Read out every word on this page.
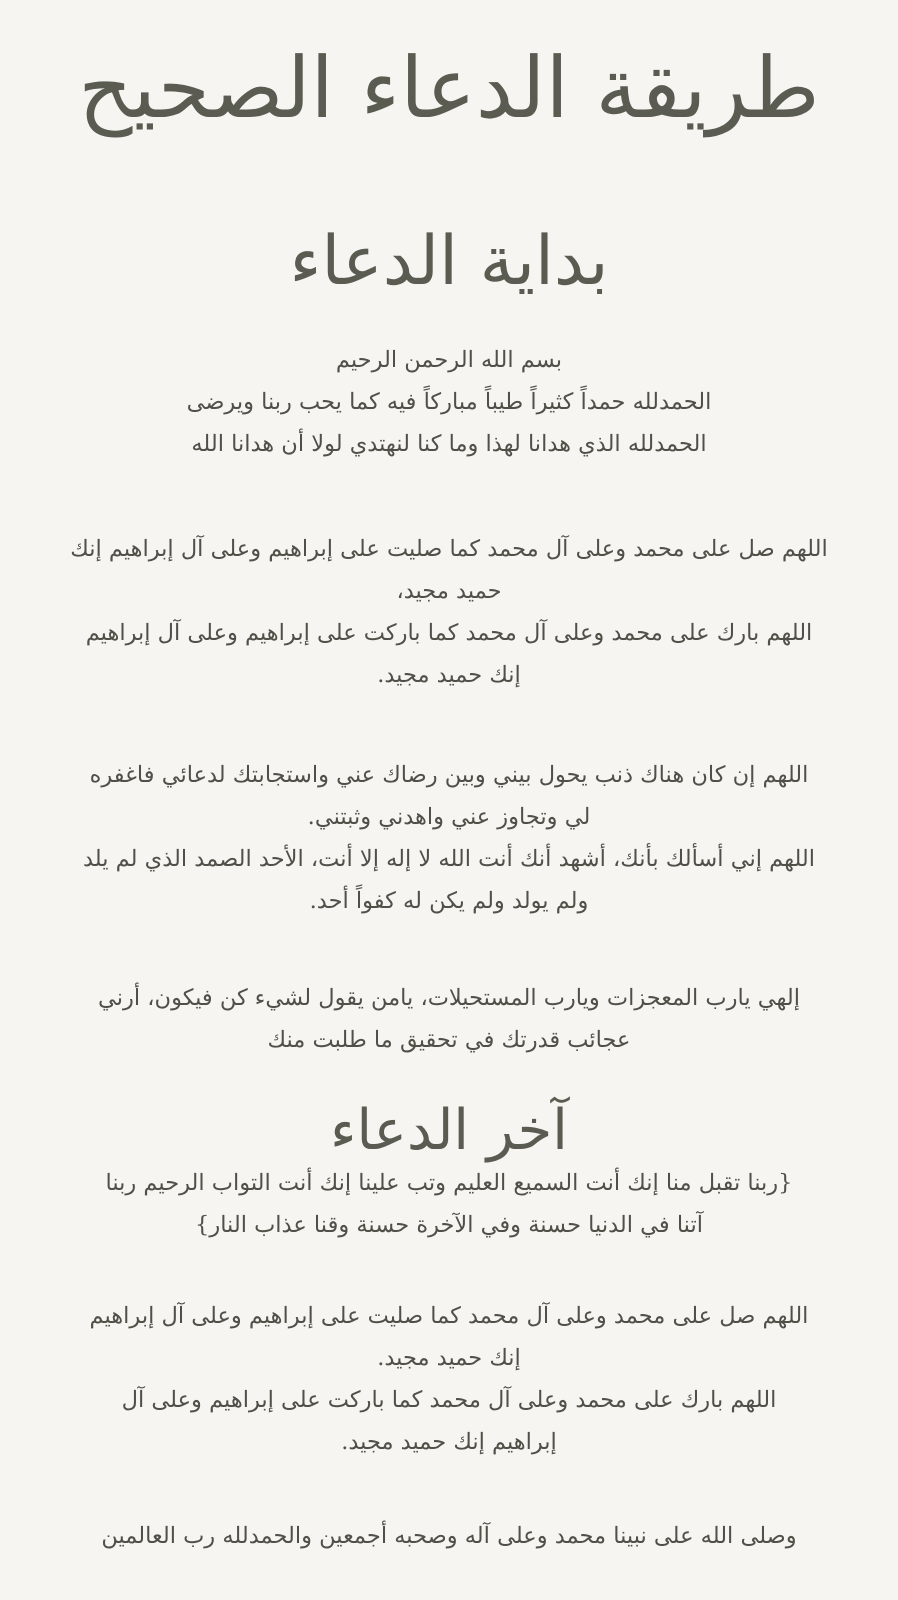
طريقة الدعاء الصحيح
بداية الدعاء

بسم الله الرحمن الرحيم
الحمدلله حمداً كثيراً طيباً مباركاً فيه كما يحب ربنا ويرضى
الحمدلله الذي هدانا لهذا وما كنا لنهتدي لولا أن هدانا الله

اللهم صل على محمد وعلى آل محمد كما صليت على إبراهيم وعلى آل إبراهيم إنك
حميد مجيد،
اللهم بارك على محمد وعلى آل محمد كما باركت على إبراهيم وعلى آل إبراهيم
إنك حميد مجيد.

اللهم إن كان هناك ذنب يحول بيني وبين رضاك عني واستجابتك لدعائي فاغفره
لي وتجاوز عني واهدني وثبتني.
اللهم إني أسألك بأنك، أشهد أنك أنت الله لا إله إلا أنت، الأحد الصمد الذي لم يلد
ولم يولد ولم يكن له كفواً أحد.

إلهي يارب المعجزات ويارب المستحيلات، يامن يقول لشيء كن فيكون، أرني
عجائب قدرتك في تحقيق ما طلبت منك

آخر الدعاء

{ربنا تقبل منا إنك أنت السميع العليم وتب علينا إنك أنت التواب الرحيم ربنا
آتنا في الدنيا حسنة وفي الآخرة حسنة وقنا عذاب النار}

اللهم صل على محمد وعلى آل محمد كما صليت على إبراهيم وعلى آل إبراهيم
إنك حميد مجيد.
اللهم بارك على محمد وعلى آل محمد كما باركت على إبراهيم وعلى آل
إبراهيم إنك حميد مجيد.

وصلى الله على نبينا محمد وعلى آله وصحبه أجمعين والحمدلله رب العالمين
